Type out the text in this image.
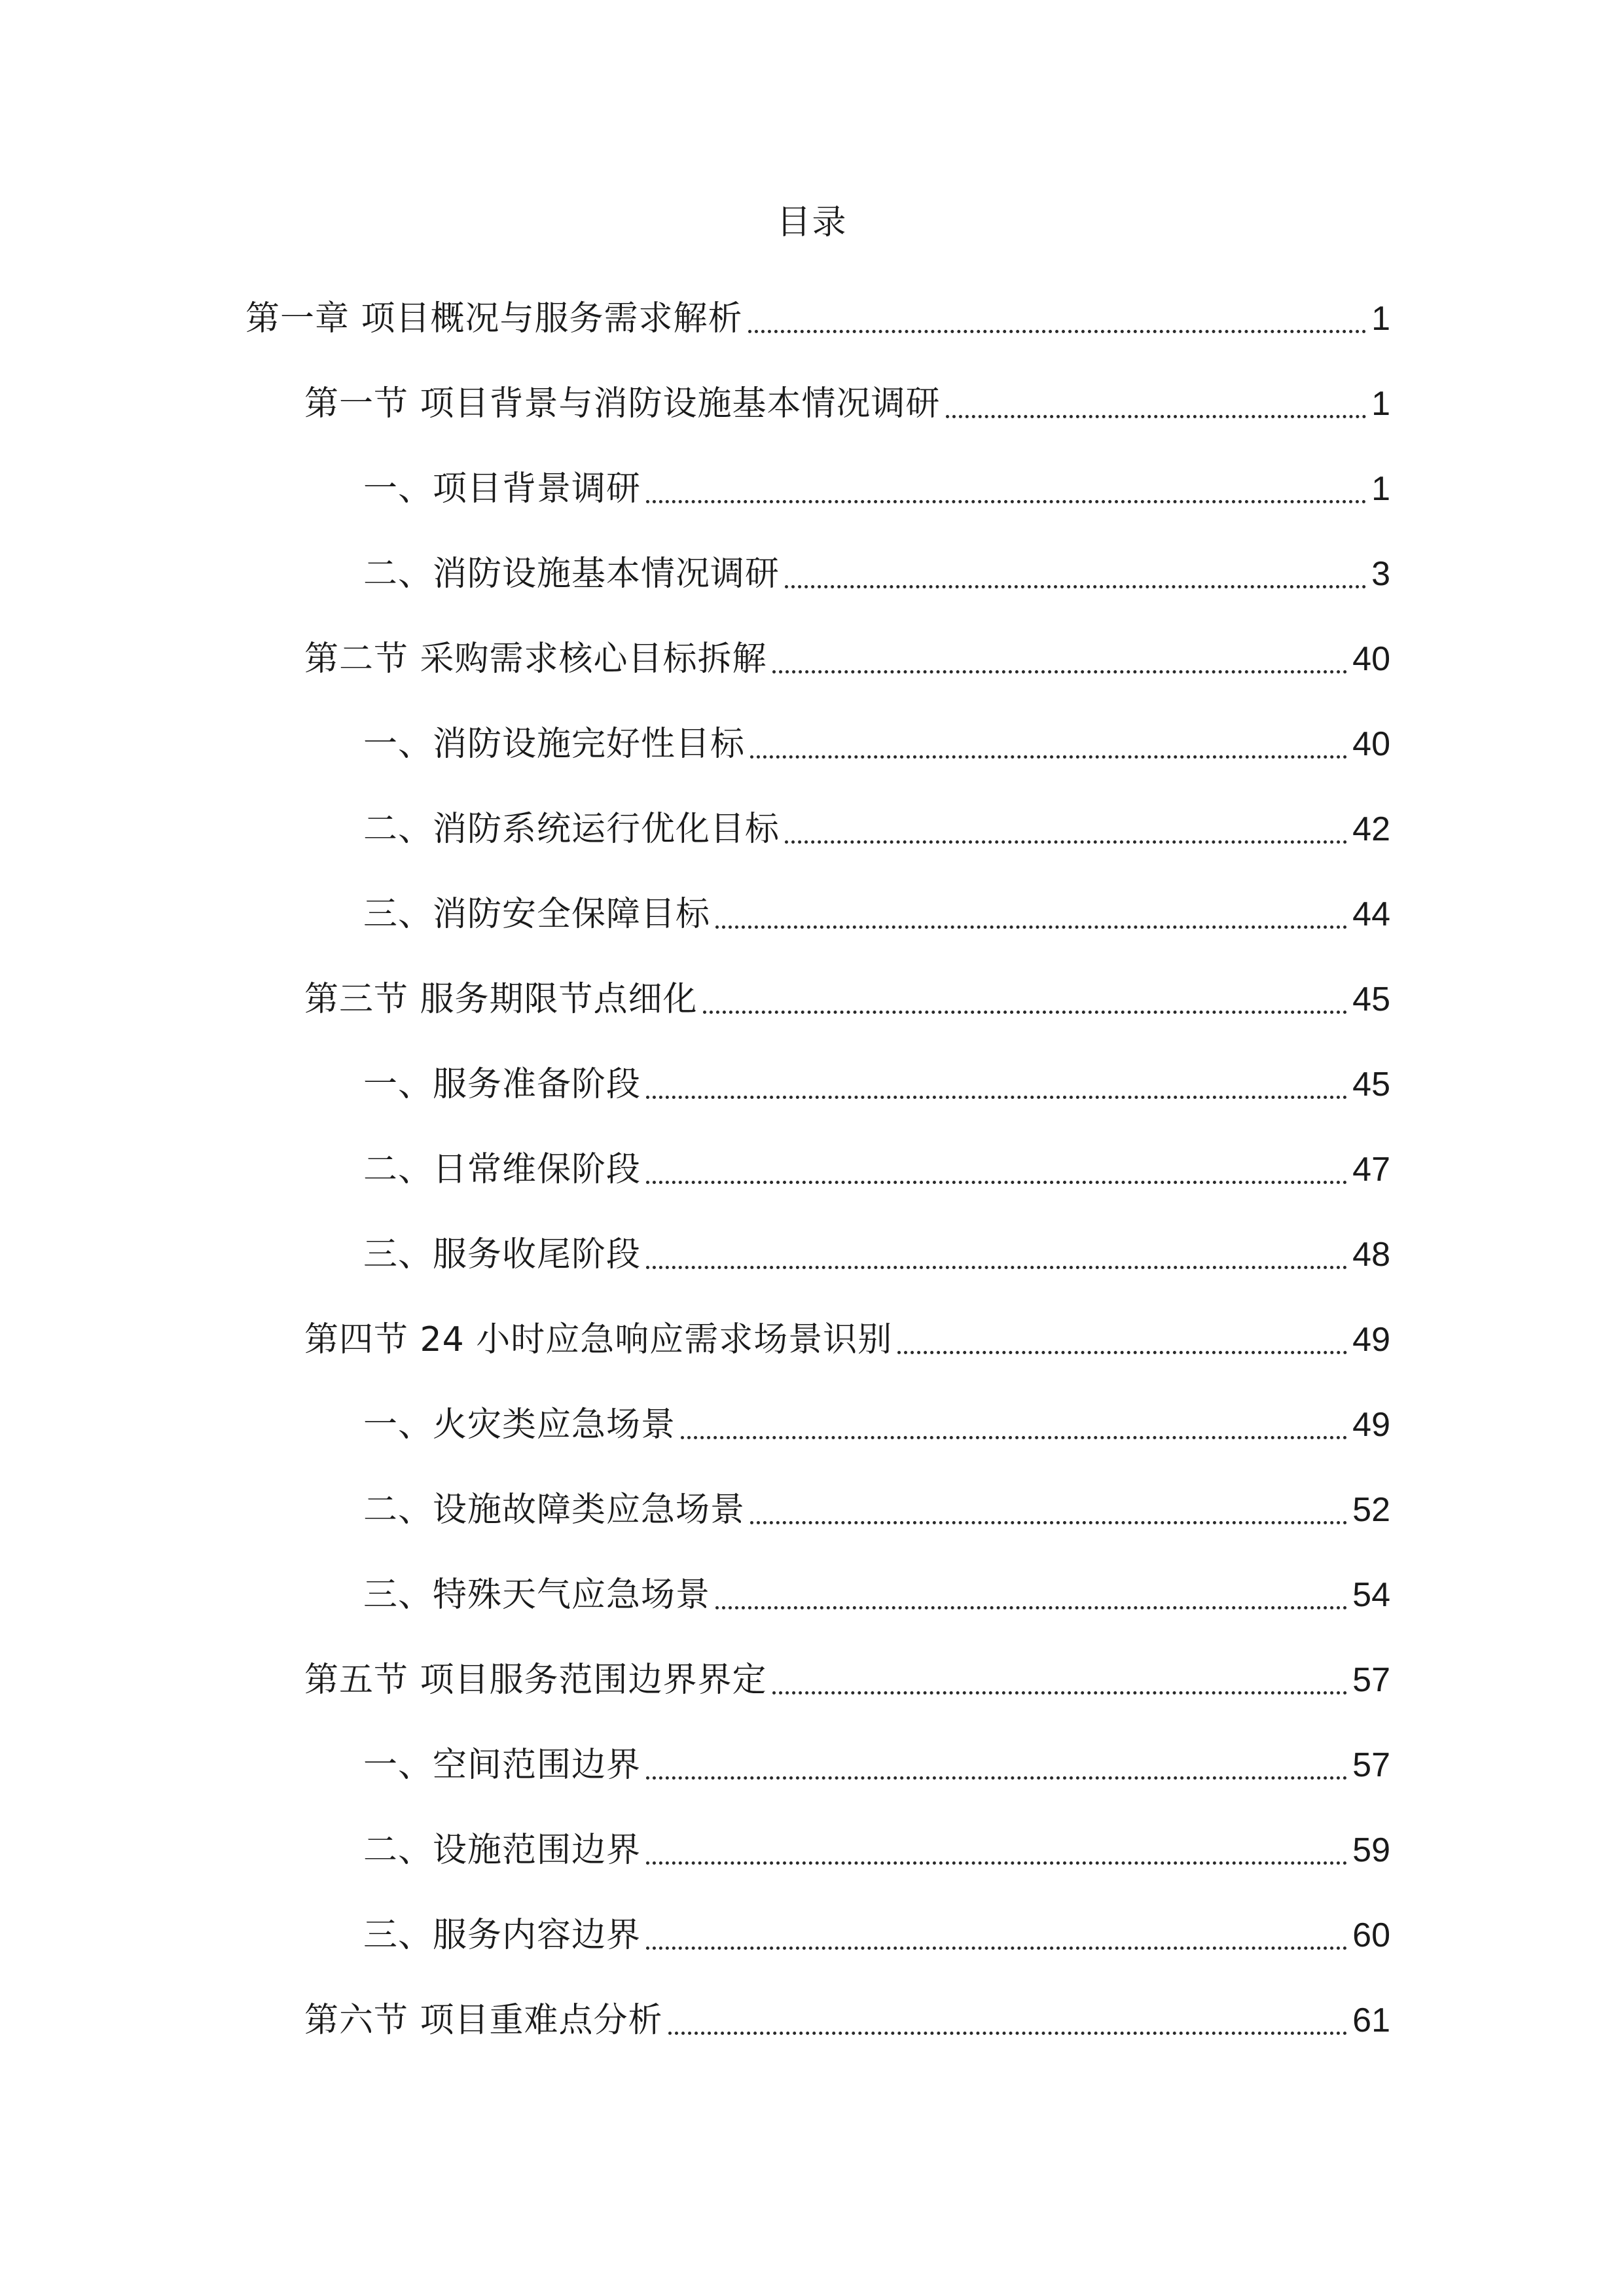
目录
第一章 项目概况与服务需求解析	1
第一节 项目背景与消防设施基本情况调研	1
一、项目背景调研	1
二、消防设施基本情况调研	3
第二节 采购需求核心目标拆解	40
一、消防设施完好性目标	40
二、消防系统运行优化目标	42
三、消防安全保障目标	44
第三节 服务期限节点细化	45
一、服务准备阶段	45
二、日常维保阶段	47
三、服务收尾阶段	48
第四节 24 小时应急响应需求场景识别	49
一、火灾类应急场景	49
二、设施故障类应急场景	52
三、特殊天气应急场景	54
第五节 项目服务范围边界界定	57
一、空间范围边界	57
二、设施范围边界	59
三、服务内容边界	60
第六节 项目重难点分析	61
